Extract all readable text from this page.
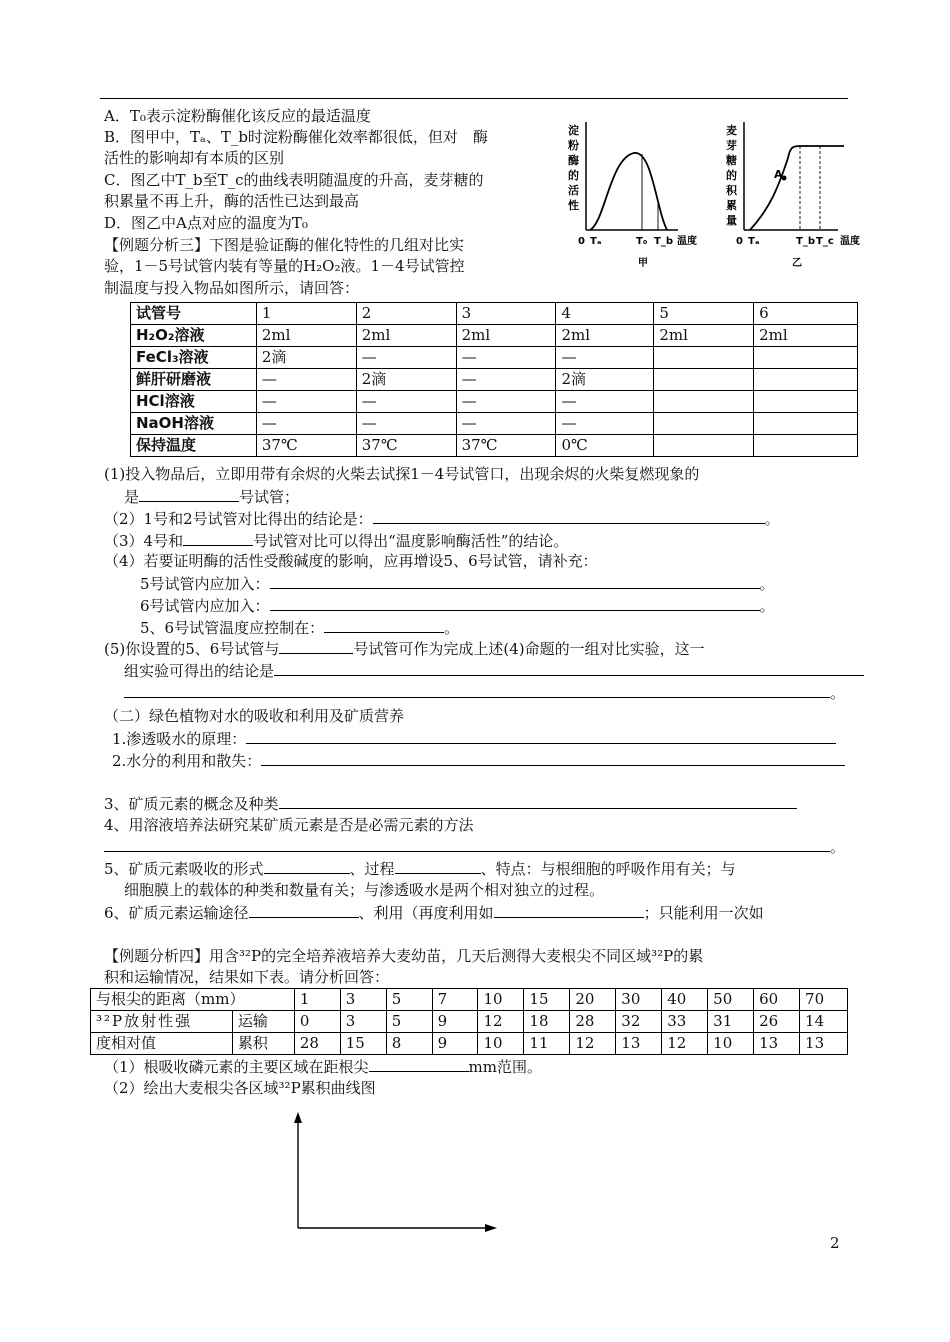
A．T₀表示淀粉酶催化该反应的最适温度
B．图甲中，Tₐ、T_b时淀粉酶催化效率都很低，但对　酶
活性的影响却有本质的区别
C．图乙中T_b至T_c的曲线表明随温度的升高，麦芽糖的
积累量不再上升，酶的活性已达到最高
D．图乙中A点对应的温度为T₀
淀
粉
酶
的
活
性
0 Tₐ	T₀ T_b 温度
甲
麦
芽
糖
的
积
累
量
A
0 Tₐ	T_b T_c 温度
乙
【例题分析三】下图是验证酶的催化特性的几组对比实
验，1－5号试管内装有等量的H₂O₂液。1－4号试管控
制温度与投入物品如图所示，请回答：
试管号	1	2	3	4	5	6
H₂O₂溶液	2ml	2ml	2ml	2ml	2ml	2ml
FeCl₃溶液	2滴	—	—	—		
鲜肝研磨液	—	2滴	—	2滴		
HCl溶液	—	—	—	—		
NaOH溶液	—	—	—	—		
保持温度	37℃	37℃	37℃	0℃		
(1)投入物品后，立即用带有余烬的火柴去试探1－4号试管口，出现余烬的火柴复燃现象的
是	号试管；
（2）1号和2号试管对比得出的结论是：	。
（3）4号和	号试管对比可以得出“温度影响酶活性”的结论。
（4）若要证明酶的活性受酸碱度的影响，应再增设5、6号试管，请补充：
5号试管内应加入：	。
6号试管内应加入：	。
5、6号试管温度应控制在：	。
(5)你设置的5、6号试管与	号试管可作为完成上述(4)命题的一组对比实验，这一
组实验可得出的结论是
。
（二）绿色植物对水的吸收和利用及矿质营养
1.渗透吸水的原理：
2.水分的利用和散失：
3、矿质元素的概念及种类
4、用溶液培养法研究某矿质元素是否是必需元素的方法
。
5、矿质元素吸收的形式	、过程	、特点：与根细胞的呼吸作用有关；与
细胞膜上的载体的种类和数量有关；与渗透吸水是两个相对独立的过程。
6、矿质元素运输途径	、利用（再度利用如	；只能利用一次如
【例题分析四】用含³²P的完全培养液培养大麦幼苗，几天后测得大麦根尖不同区域³²P的累
积和运输情况，结果如下表。请分析回答：
与根尖的距离（mm）		1	3	5	7	10	15	20	30	40	50	60	70
³²P放射性强	运输	0	3	5	9	12	18	28	32	33	31	26	14
度相对值	累积	28	15	8	9	10	11	12	13	12	10	13	13
（1）根吸收磷元素的主要区域在距根尖	mm范围。
（2）绘出大麦根尖各区域³²P累积曲线图
2
